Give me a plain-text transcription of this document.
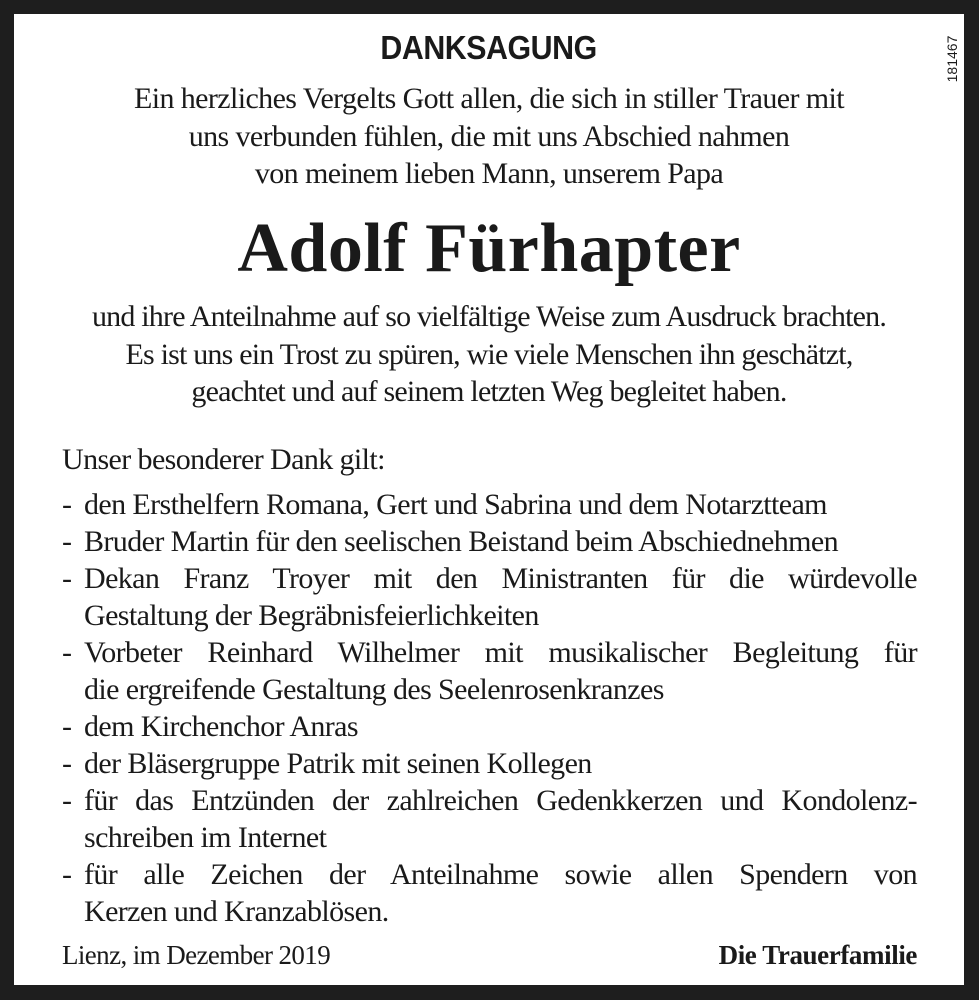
DANKSAGUNG	181467
Ein herzliches Vergelts Gott allen, die sich in stiller Trauer mit
uns verbunden fühlen, die mit uns Abschied nahmen
von meinem lieben Mann, unserem Papa
Adolf Fürhapter
und ihre Anteilnahme auf so vielfältige Weise zum Ausdruck brachten.
Es ist uns ein Trost zu spüren, wie viele Menschen ihn geschätzt,
geachtet und auf seinem letzten Weg begleitet haben.
Unser besonderer Dank gilt:
- den Ersthelfern Romana, Gert und Sabrina und dem Notarztteam
- Bruder Martin für den seelischen Beistand beim Abschiednehmen
- Dekan Franz Troyer mit den Ministranten für die würdevolle
Gestaltung der Begräbnisfeierlichkeiten
- Vorbeter Reinhard Wilhelmer mit musikalischer Begleitung für
die ergreifende Gestaltung des Seelenrosenkranzes
- dem Kirchenchor Anras
- der Bläsergruppe Patrik mit seinen Kollegen
- für das Entzünden der zahlreichen Gedenkkerzen und Kondolenz-
schreiben im Internet
- für alle Zeichen der Anteilnahme sowie allen Spendern von
Kerzen und Kranzablösen.
Lienz, im Dezember 2019	Die Trauerfamilie
